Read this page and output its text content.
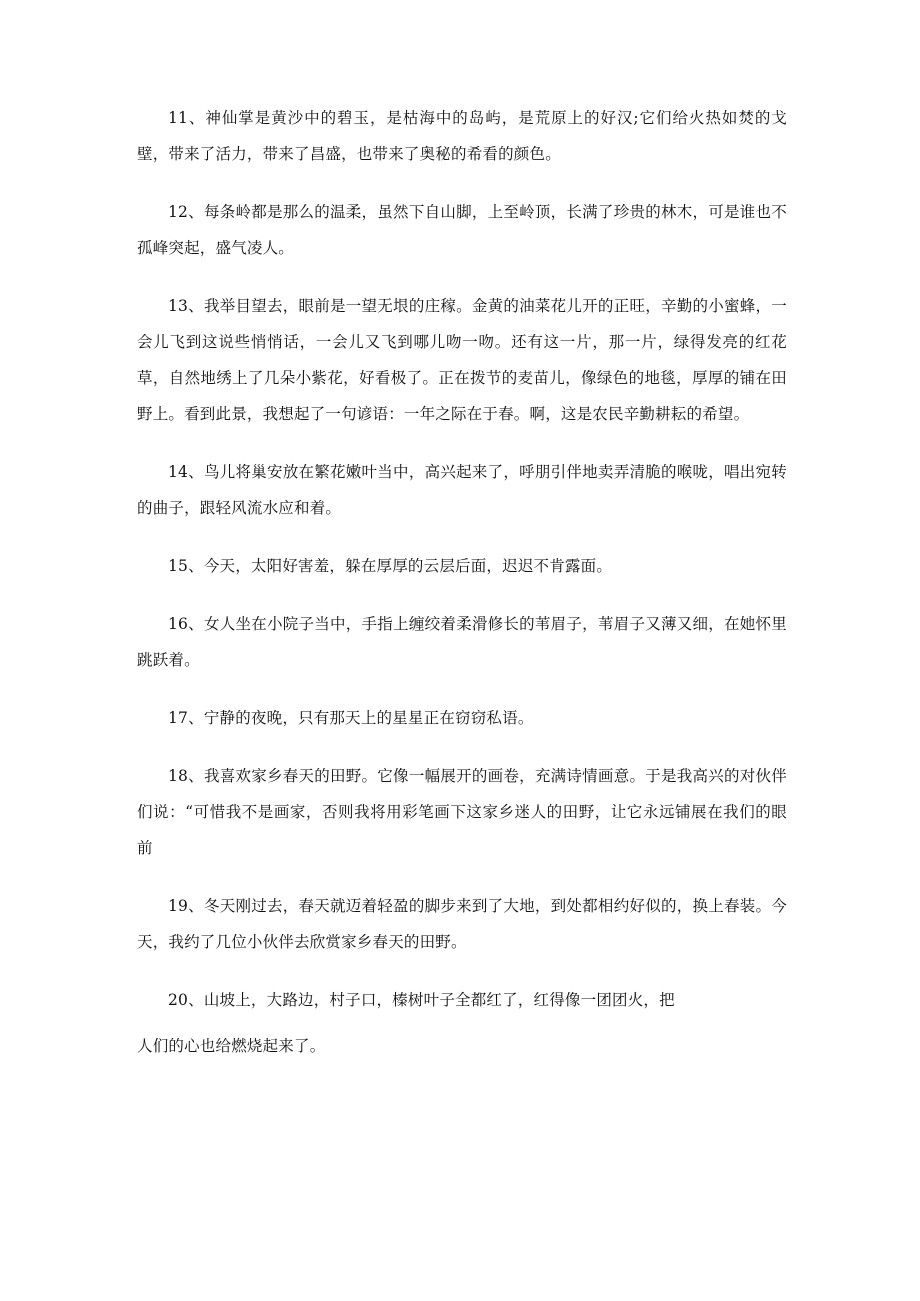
11、神仙掌是黄沙中的碧玉，是枯海中的岛屿，是荒原上的好汉;它们给火热如焚的戈壁，带来了活力，带来了昌盛，也带来了奥秘的希看的颜色。

12、每条岭都是那么的温柔，虽然下自山脚，上至岭顶，长满了珍贵的林木，可是谁也不孤峰突起，盛气凌人。

13、我举目望去，眼前是一望无垠的庄稼。金黄的油菜花儿开的正旺，辛勤的小蜜蜂，一会儿飞到这说些悄悄话，一会儿又飞到哪儿吻一吻。还有这一片，那一片，绿得发亮的红花草，自然地绣上了几朵小紫花，好看极了。正在拨节的麦苗儿，像绿色的地毯，厚厚的铺在田野上。看到此景，我想起了一句谚语：一年之际在于春。啊，这是农民辛勤耕耘的希望。

14、鸟儿将巢安放在繁花嫩叶当中，高兴起来了，呼朋引伴地卖弄清脆的喉咙，唱出宛转的曲子，跟轻风流水应和着。

15、今天，太阳好害羞，躲在厚厚的云层后面，迟迟不肯露面。

16、女人坐在小院子当中，手指上缠绞着柔滑修长的苇眉子，苇眉子又薄又细，在她怀里跳跃着。

17、宁静的夜晚，只有那天上的星星正在窃窃私语。

18、我喜欢家乡春天的田野。它像一幅展开的画卷，充满诗情画意。于是我高兴的对伙伴们说：“可惜我不是画家，否则我将用彩笔画下这家乡迷人的田野，让它永远铺展在我们的眼前

19、冬天刚过去，春天就迈着轻盈的脚步来到了大地，到处都相约好似的，换上春装。今天，我约了几位小伙伴去欣赏家乡春天的田野。

20、山坡上，大路边，村子口，榛树叶子全都红了，红得像一团团火，把

人们的心也给燃烧起来了。
